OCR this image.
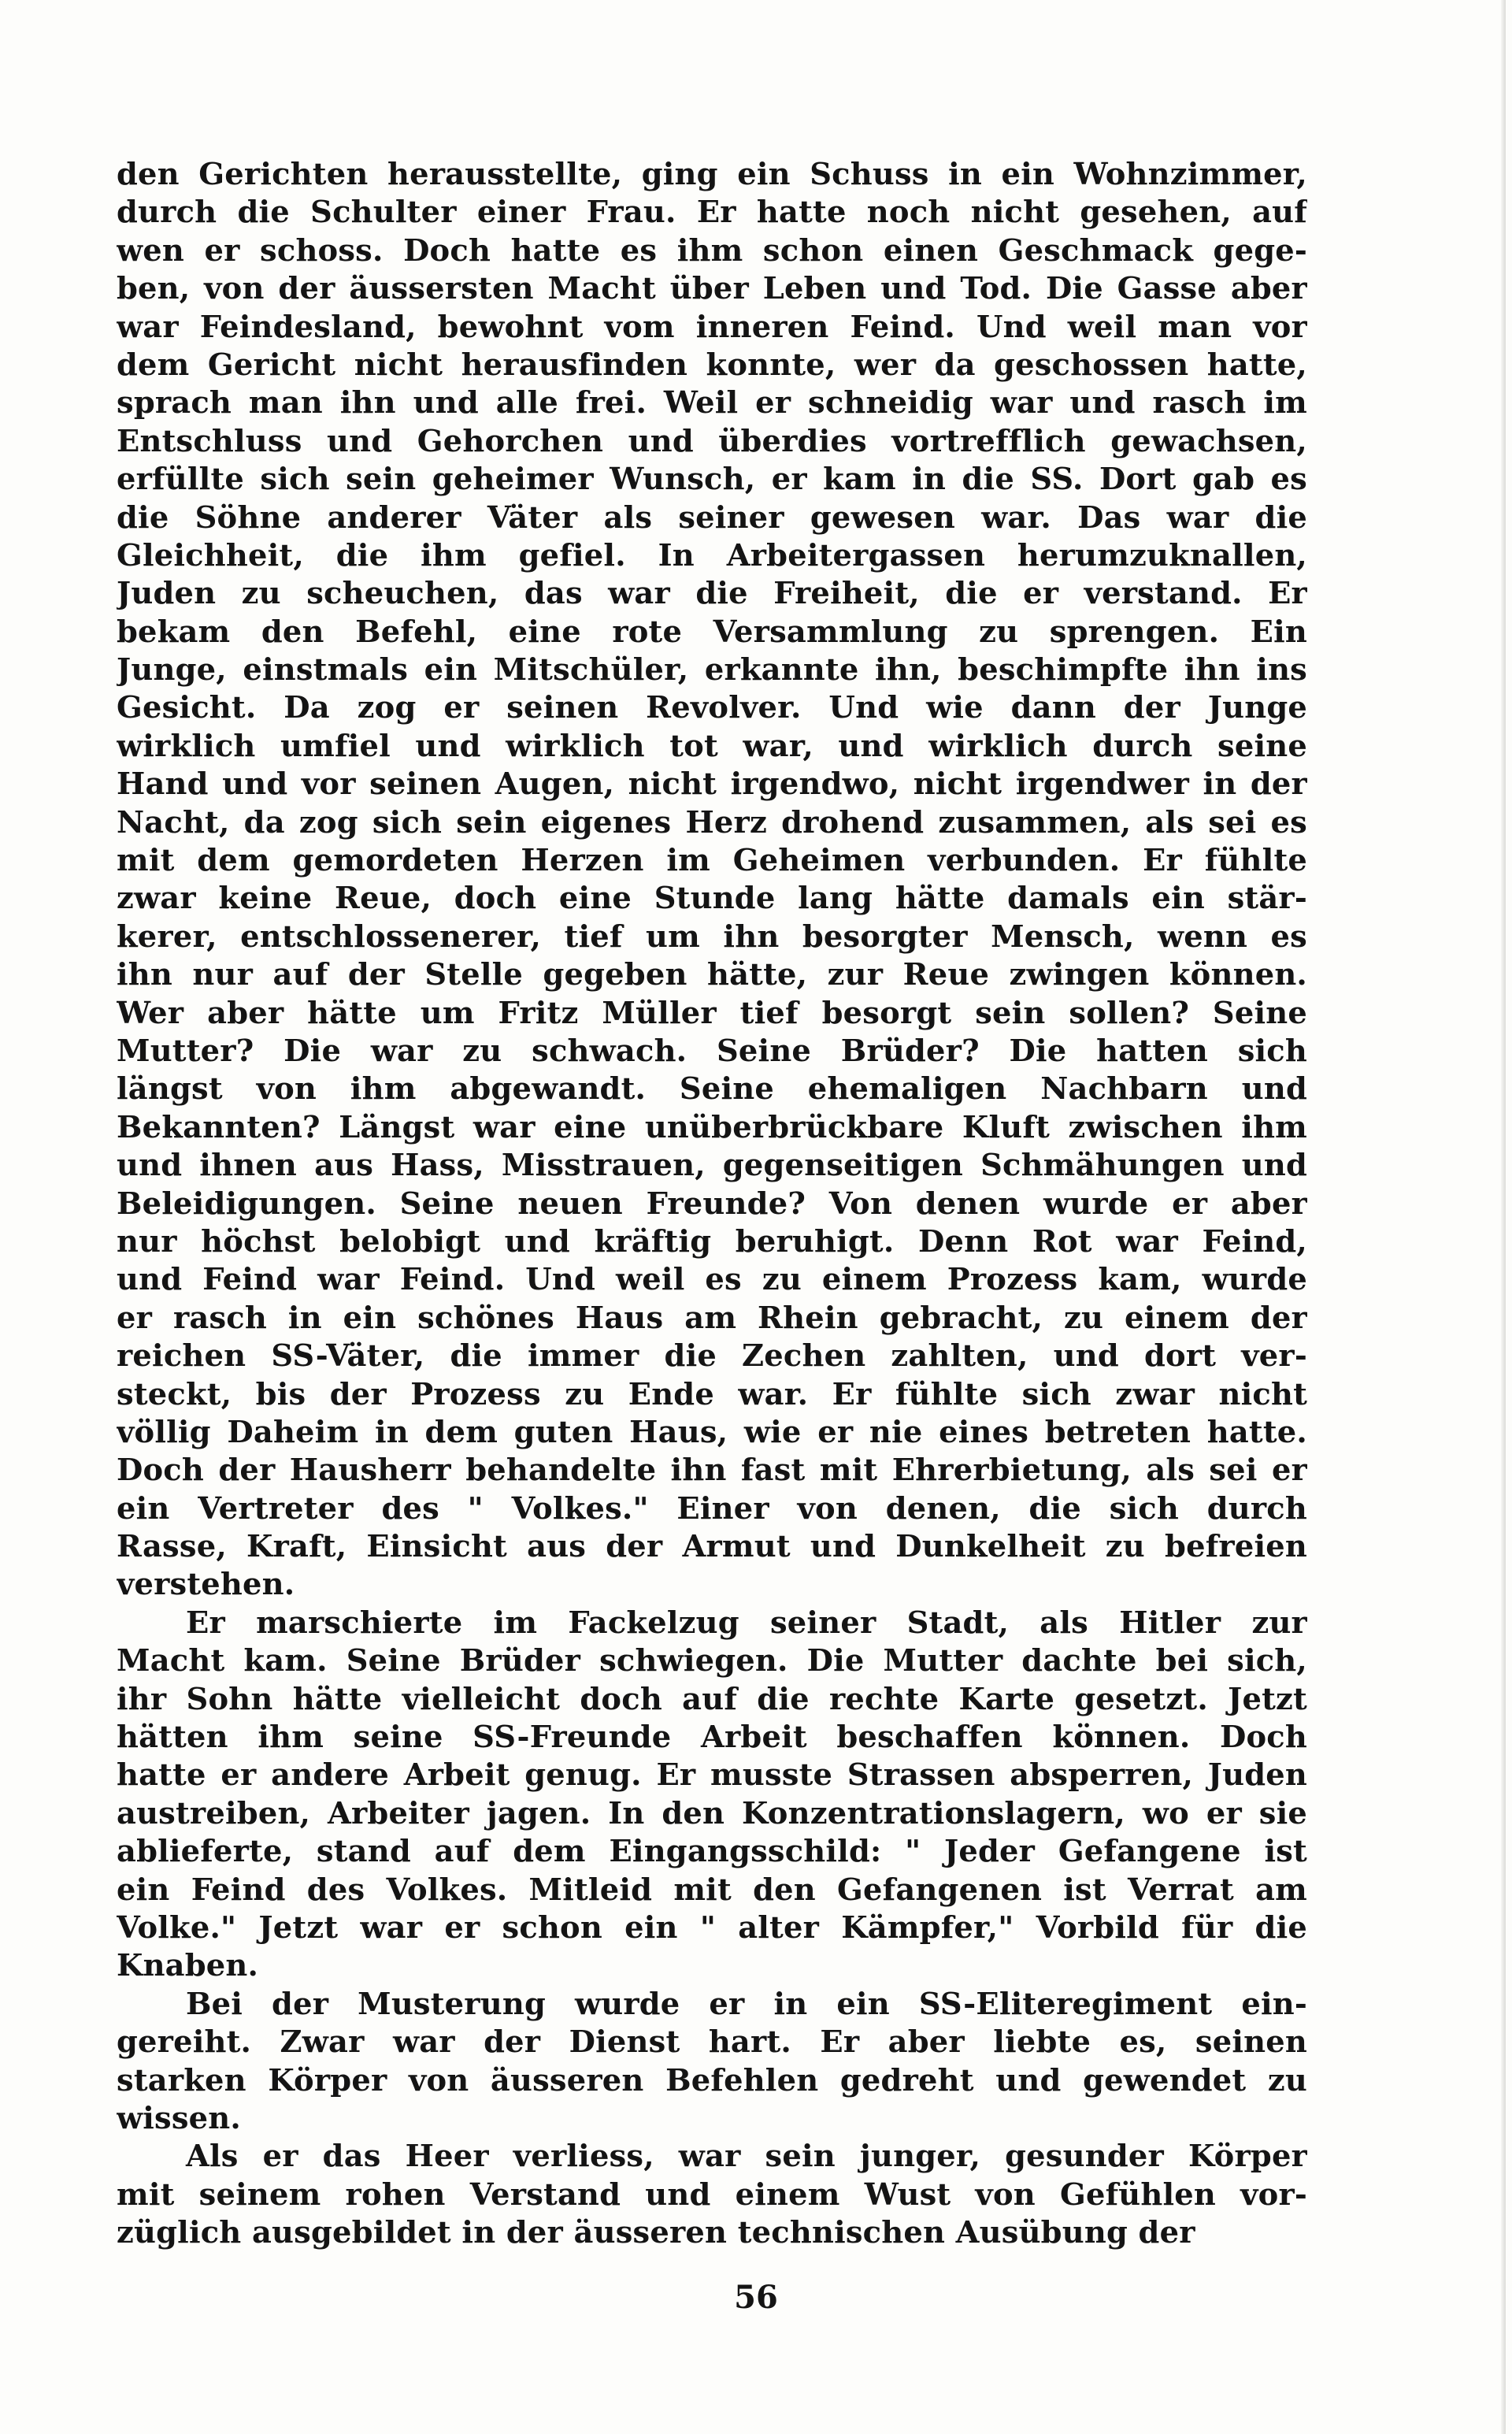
den Gerichten herausstellte, ging ein Schuss in ein Wohnzimmer,
durch die Schulter einer Frau. Er hatte noch nicht gesehen, auf
wen er schoss. Doch hatte es ihm schon einen Geschmack gege-
ben, von der äussersten Macht über Leben und Tod. Die Gasse aber
war Feindesland, bewohnt vom inneren Feind. Und weil man vor
dem Gericht nicht herausfinden konnte, wer da geschossen hatte,
sprach man ihn und alle frei. Weil er schneidig war und rasch im
Entschluss und Gehorchen und überdies vortrefflich gewachsen,
erfüllte sich sein geheimer Wunsch, er kam in die SS. Dort gab es
die Söhne anderer Väter als seiner gewesen war. Das war die
Gleichheit, die ihm gefiel. In Arbeitergassen herumzuknallen,
Juden zu scheuchen, das war die Freiheit, die er verstand. Er
bekam den Befehl, eine rote Versammlung zu sprengen. Ein
Junge, einstmals ein Mitschüler, erkannte ihn, beschimpfte ihn ins
Gesicht. Da zog er seinen Revolver. Und wie dann der Junge
wirklich umfiel und wirklich tot war, und wirklich durch seine
Hand und vor seinen Augen, nicht irgendwo, nicht irgendwer in der
Nacht, da zog sich sein eigenes Herz drohend zusammen, als sei es
mit dem gemordeten Herzen im Geheimen verbunden. Er fühlte
zwar keine Reue, doch eine Stunde lang hätte damals ein stär-
kerer, entschlossenerer, tief um ihn besorgter Mensch, wenn es
ihn nur auf der Stelle gegeben hätte, zur Reue zwingen können.
Wer aber hätte um Fritz Müller tief besorgt sein sollen? Seine
Mutter? Die war zu schwach. Seine Brüder? Die hatten sich
längst von ihm abgewandt. Seine ehemaligen Nachbarn und
Bekannten? Längst war eine unüberbrückbare Kluft zwischen ihm
und ihnen aus Hass, Misstrauen, gegenseitigen Schmähungen und
Beleidigungen. Seine neuen Freunde? Von denen wurde er aber
nur höchst belobigt und kräftig beruhigt. Denn Rot war Feind,
und Feind war Feind. Und weil es zu einem Prozess kam, wurde
er rasch in ein schönes Haus am Rhein gebracht, zu einem der
reichen SS-Väter, die immer die Zechen zahlten, und dort ver-
steckt, bis der Prozess zu Ende war. Er fühlte sich zwar nicht
völlig Daheim in dem guten Haus, wie er nie eines betreten hatte.
Doch der Hausherr behandelte ihn fast mit Ehrerbietung, als sei er
ein Vertreter des " Volkes." Einer von denen, die sich durch
Rasse, Kraft, Einsicht aus der Armut und Dunkelheit zu befreien
verstehen.
Er marschierte im Fackelzug seiner Stadt, als Hitler zur
Macht kam. Seine Brüder schwiegen. Die Mutter dachte bei sich,
ihr Sohn hätte vielleicht doch auf die rechte Karte gesetzt. Jetzt
hätten ihm seine SS-Freunde Arbeit beschaffen können. Doch
hatte er andere Arbeit genug. Er musste Strassen absperren, Juden
austreiben, Arbeiter jagen. In den Konzentrationslagern, wo er sie
ablieferte, stand auf dem Eingangsschild: " Jeder Gefangene ist
ein Feind des Volkes. Mitleid mit den Gefangenen ist Verrat am
Volke." Jetzt war er schon ein " alter Kämpfer," Vorbild für die
Knaben.
Bei der Musterung wurde er in ein SS-Eliteregiment ein-
gereiht. Zwar war der Dienst hart. Er aber liebte es, seinen
starken Körper von äusseren Befehlen gedreht und gewendet zu
wissen.
Als er das Heer verliess, war sein junger, gesunder Körper
mit seinem rohen Verstand und einem Wust von Gefühlen vor-
züglich ausgebildet in der äusseren technischen Ausübung der
56
